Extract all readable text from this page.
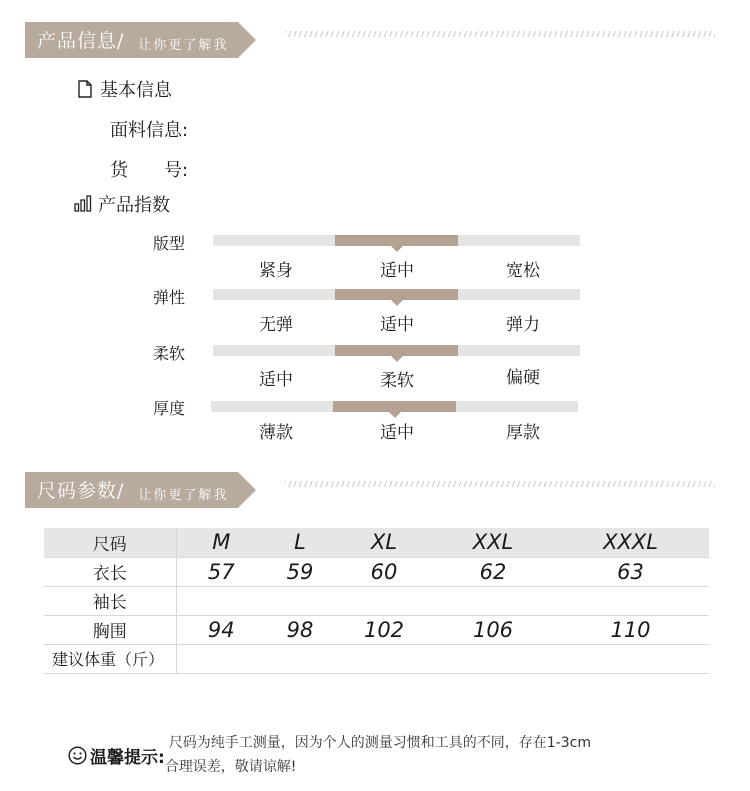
产品信息/ 让你更了解我
基本信息
面料信息:
货　　号:
产品指数
版型
紧身	适中	宽松
弹性
无弹	适中	弹力
柔软
适中	柔软	偏硬
厚度
薄款	适中	厚款
尺码参数/ 让你更了解我
尺码	M	L	XL	XXL	XXXL
衣长	57	59	60	62	63
袖长					
胸围	94	98	102	106	110
建议体重（斤）					
温馨提示:
尺码为纯手工测量，因为个人的测量习惯和工具的不同，存在1-3cm
合理误差，敬请谅解!
